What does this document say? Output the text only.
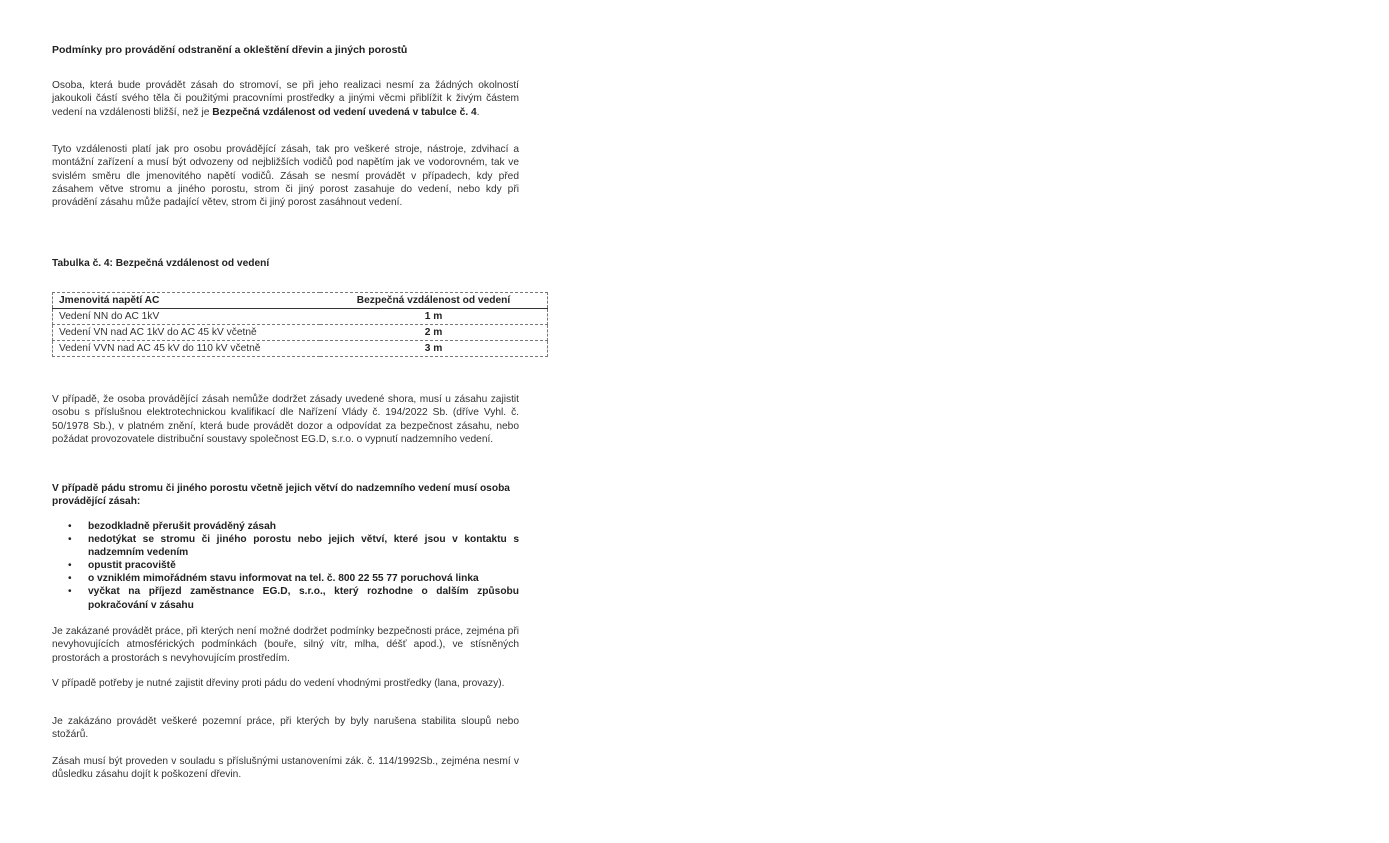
Podmínky pro provádění odstranění a okleštění dřevin a jiných porostů
Osoba, která bude provádět zásah do stromoví, se při jeho realizaci nesmí za žádných okolností jakoukoli částí svého těla či použitými pracovními prostředky a jinými věcmi přiblížit k živým částem vedení na vzdálenosti bližší, než je Bezpečná vzdálenost od vedení uvedená v tabulce č. 4.
Tyto vzdálenosti platí jak pro osobu provádějící zásah, tak pro veškeré stroje, nástroje, zdvihací a montážní zařízení a musí být odvozeny od nejbližších vodičů pod napětím jak ve vodorovném, tak ve svislém směru dle jmenovitého napětí vodičů. Zásah se nesmí provádět v případech, kdy před zásahem větve stromu a jiného porostu, strom či jiný porost zasahuje do vedení, nebo kdy při provádění zásahu může padající větev, strom či jiný porost zasáhnout vedení.
Tabulka č. 4: Bezpečná vzdálenost od vedení
Jmenovitá napětí AC	Bezpečná vzdálenost od vedení
Vedení NN do AC 1kV	1 m
Vedení VN nad AC 1kV do AC 45 kV včetně	2 m
Vedení VVN nad AC 45 kV do 110 kV včetně	3 m
V případě, že osoba provádějící zásah nemůže dodržet zásady uvedené shora, musí u zásahu zajistit osobu s příslušnou elektrotechnickou kvalifikací dle Nařízení Vlády č. 194/2022 Sb. (dříve Vyhl. č. 50/1978 Sb.), v platném znění, která bude provádět dozor a odpovídat za bezpečnost zásahu, nebo požádat provozovatele distribuční soustavy společnost EG.D, s.r.o. o vypnutí nadzemního vedení.
V případě pádu stromu či jiného porostu včetně jejich větví do nadzemního vedení musí osoba provádějící zásah:
• bezodkladně přerušit prováděný zásah
• nedotýkat se stromu či jiného porostu nebo jejich větví, které jsou v kontaktu s nadzemním vedením
• opustit pracoviště
• o vzniklém mimořádném stavu informovat na tel. č. 800 22 55 77 poruchová linka
• vyčkat na příjezd zaměstnance EG.D, s.r.o., který rozhodne o dalším způsobu pokračování v zásahu
Je zakázané provádět práce, při kterých není možné dodržet podmínky bezpečnosti práce, zejména při nevyhovujících atmosférických podmínkách (bouře, silný vítr, mlha, déšť apod.), ve stísněných prostorách a prostorách s nevyhovujícím prostředím.
V případě potřeby je nutné zajistit dřeviny proti pádu do vedení vhodnými prostředky (lana, provazy).
Je zakázáno provádět veškeré pozemní práce, při kterých by byly narušena stabilita sloupů nebo stožárů.
Zásah musí být proveden v souladu s příslušnými ustanoveními zák. č. 114/1992Sb., zejména nesmí v důsledku zásahu dojít k poškození dřevin.
